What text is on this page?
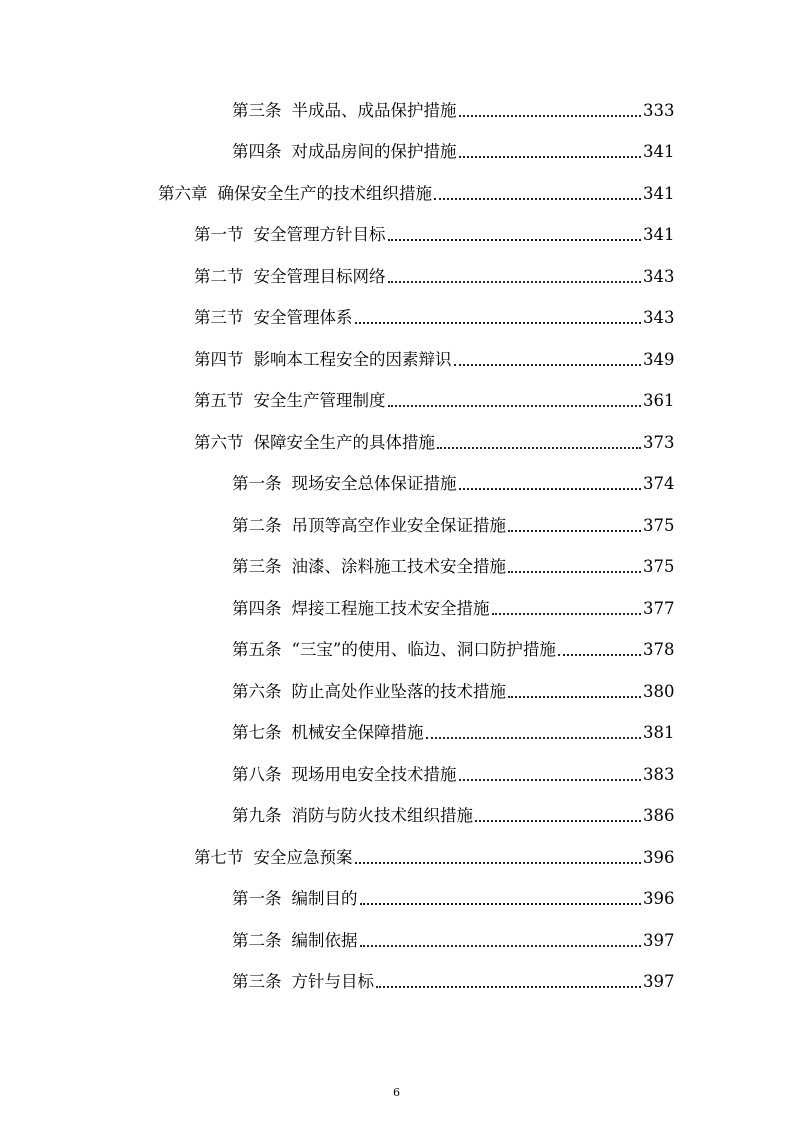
第三条 半成品、成品保护措施	333
第四条 对成品房间的保护措施	341
第六章 确保安全生产的技术组织措施	341
第一节 安全管理方针目标	341
第二节 安全管理目标网络	343
第三节 安全管理体系	343
第四节 影响本工程安全的因素辩识	349
第五节 安全生产管理制度	361
第六节 保障安全生产的具体措施	373
第一条 现场安全总体保证措施	374
第二条 吊顶等高空作业安全保证措施	375
第三条 油漆、涂料施工技术安全措施	375
第四条 焊接工程施工技术安全措施	377
第五条 “三宝”的使用、临边、洞口防护措施	378
第六条 防止高处作业坠落的技术措施	380
第七条 机械安全保障措施	381
第八条 现场用电安全技术措施	383
第九条 消防与防火技术组织措施	386
第七节 安全应急预案	396
第一条 编制目的	396
第二条 编制依据	397
第三条 方针与目标	397
6
